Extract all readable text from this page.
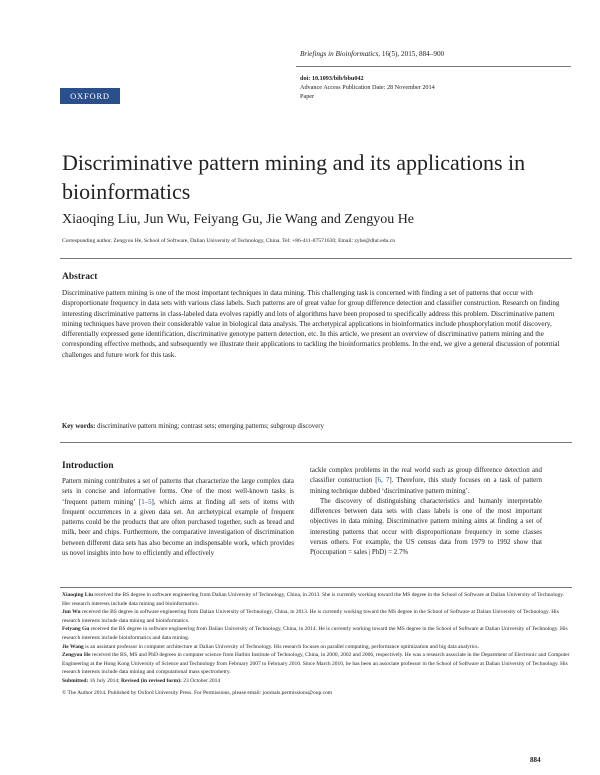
Briefings in Bioinformatics, 16(5), 2015, 884–900
OXFORD
doi: 10.1093/bib/bbu042
Advance Access Publication Date: 28 November 2014
Paper
Discriminative pattern mining and its applications in bioinformatics
Xiaoqing Liu, Jun Wu, Feiyang Gu, Jie Wang and Zengyou He
Corresponding author. Zengyou He, School of Software, Dalian University of Technology, China. Tel: +86-411-87571630; Email: zyhe@dlut.edu.cn
Abstract
Discriminative pattern mining is one of the most important techniques in data mining. This challenging task is concerned with finding a set of patterns that occur with disproportionate frequency in data sets with various class labels. Such patterns are of great value for group difference detection and classifier construction. Research on finding interesting discriminative patterns in class-labeled data evolves rapidly and lots of algorithms have been proposed to specifically address this problem. Discriminative pattern mining techniques have proven their considerable value in biological data analysis. The archetypical applications in bioinformatics include phosphorylation motif discovery, differentially expressed gene identification, discriminative genotype pattern detection, etc. In this article, we present an overview of discriminative pattern mining and the corresponding effective methods, and subsequently we illustrate their applications to tackling the bioinformatics problems. In the end, we give a general discussion of potential challenges and future work for this task.
Key words: discriminative pattern mining; contrast sets; emerging patterns; subgroup discovery
Introduction
Pattern mining contributes a set of patterns that characterize the large complex data sets in concise and informative forms. One of the most well-known tasks is ‘frequent pattern mining’ [1–5], which aims at finding all sets of items with frequent occurrences in a given data set. An archetypical example of frequent patterns could be the products that are often purchased together, such as bread and milk, beer and chips. Furthermore, the comparative investigation of discrimination between different data sets has also become an indispensable work, which provides us novel insights into how to efficiently and effectively
tackle complex problems in the real world such as group difference detection and classifier construction [6, 7]. Therefore, this study focuses on a task of pattern mining technique dubbed ‘discriminative pattern mining’.
The discovery of distinguishing characteristics and humanly interpretable differences between data sets with class labels is one of the most important objectives in data mining. Discriminative pattern mining aims at finding a set of interesting patterns that occur with disproportionate frequency in some classes versus others. For example, the US census data from 1979 to 1992 show that P(occupation = sales | PhD) = 2.7%
Xiaoqing Liu received the BS degree in software engineering from Dalian University of Technology, China, in 2013. She is currently working toward the MS degree in the School of Software at Dalian University of Technology. Her research interests include data mining and bioinformatics.
Jun Wu received the BS degree in software engineering from Dalian University of Technology, China, in 2013. He is currently working toward the MS degree in the School of Software at Dalian University of Technology. His research interests include data mining and bioinformatics.
Feiyang Gu received the BS degree in software engineering from Dalian University of Technology, China, in 2014. He is currently working toward the MS degree in the School of Software at Dalian University of Technology. His research interests include bioinformatics and data mining.
Jie Wang is an assistant professor in computer architecture at Dalian University of Technology. His research focuses on parallel computing, performance optimization and big data analytics.
Zengyou He received the BS, MS and PhD degrees in computer science from Harbin Institute of Technology, China, in 2000, 2002 and 2006, respectively. He was a research associate in the Department of Electronic and Computer Engineering at the Hong Kong University of Science and Technology from February 2007 to February 2010. Since March 2010, he has been an associate professor in the School of Software at Dalian University of Technology. His research interests include data mining and computational mass spectrometry.
Submitted: 16 July 2014; Revised (in revised form): 23 October 2014
© The Author 2014. Published by Oxford University Press. For Permissions, please email: journals.permissions@oup.com
884
